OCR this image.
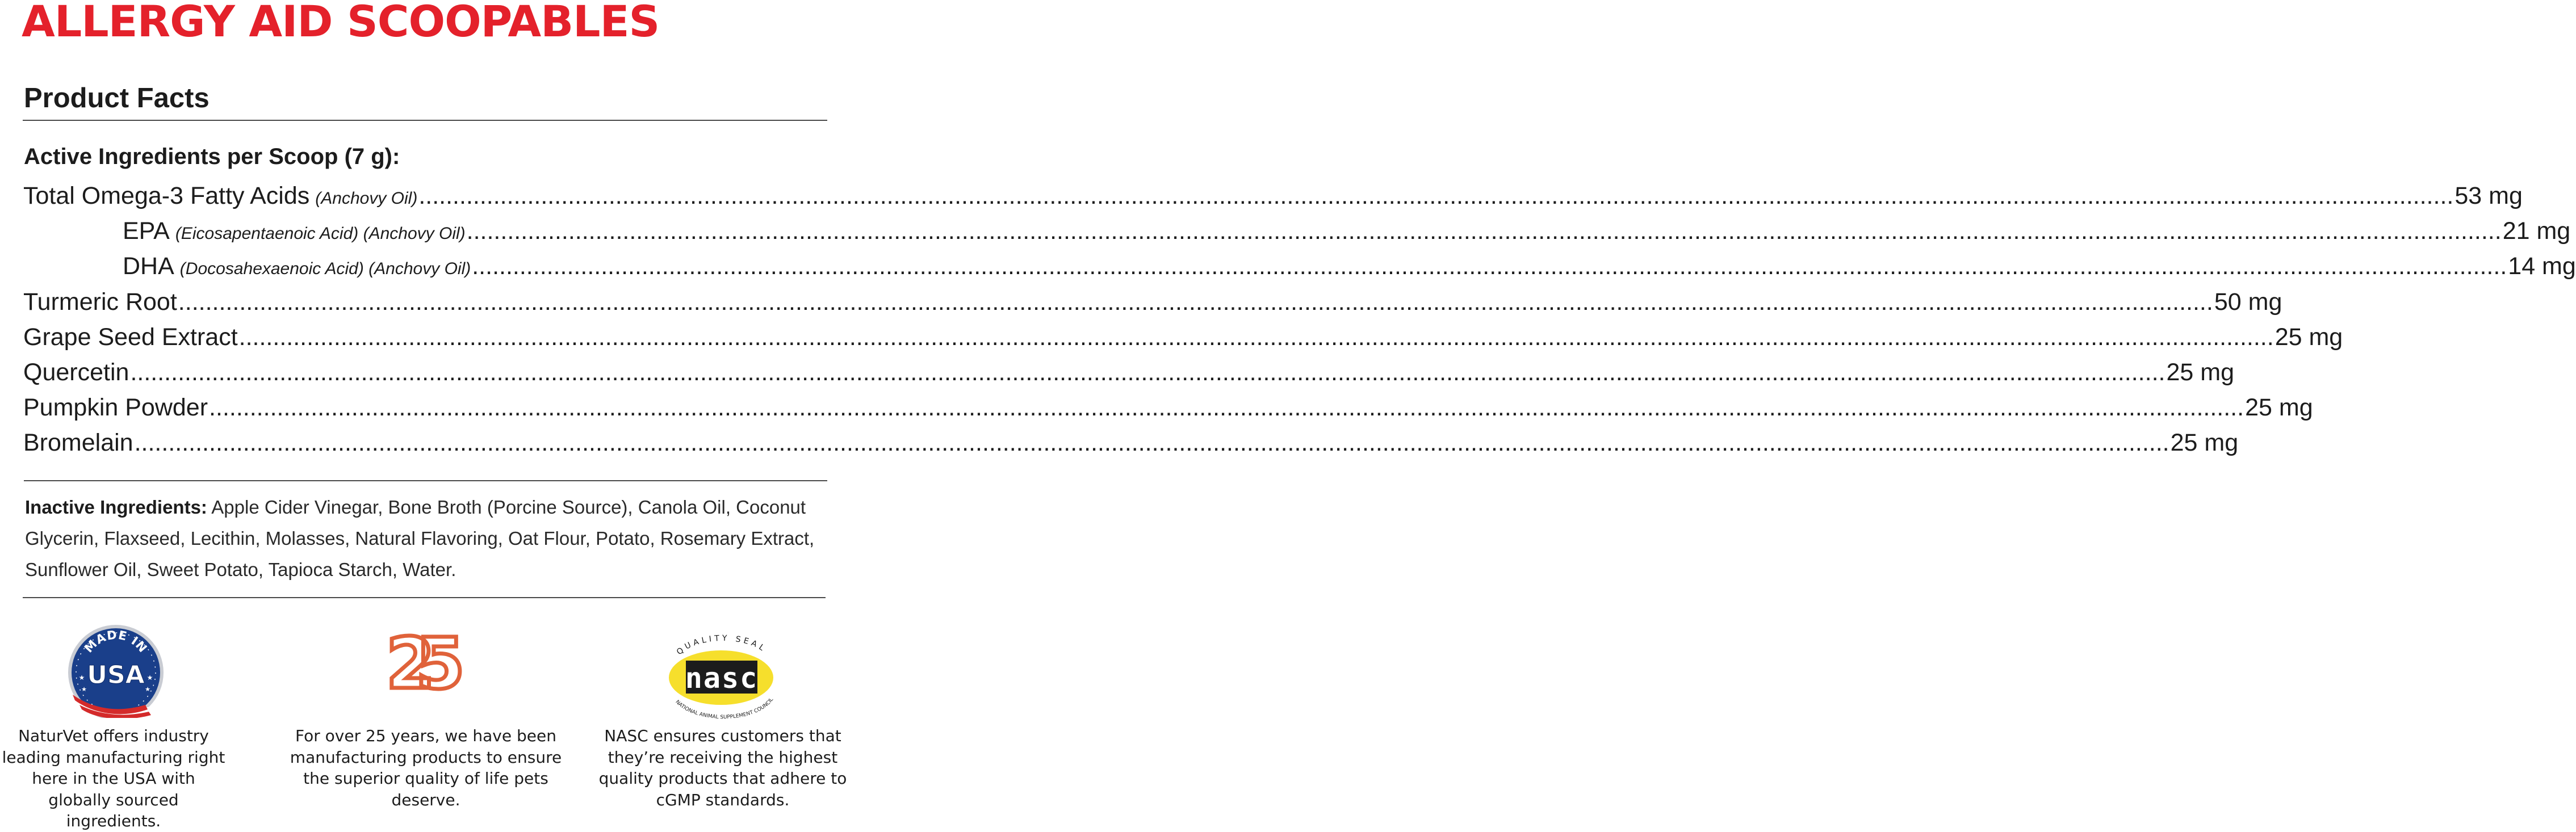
ALLERGY AID SCOOPABLES
Product Facts
Active Ingredients per Scoop (7 g):
Total Omega-3 Fatty Acids (Anchovy Oil) ............................................................................................................................................................................................................................................................................................................ 53 mg
EPA (Eicosapentaenoic Acid) (Anchovy Oil) ............................................................................................................................................................................................................................................................................................................ 21 mg
DHA (Docosahexaenoic Acid) (Anchovy Oil) ............................................................................................................................................................................................................................................................................................................ 14 mg
Turmeric Root ............................................................................................................................................................................................................................................................................................................ 50 mg
Grape Seed Extract ............................................................................................................................................................................................................................................................................................................ 25 mg
Quercetin ............................................................................................................................................................................................................................................................................................................ 25 mg
Pumpkin Powder ............................................................................................................................................................................................................................................................................................................ 25 mg
Bromelain ............................................................................................................................................................................................................................................................................................................ 25 mg

Inactive Ingredients: Apple Cider Vinegar, Bone Broth (Porcine Source), Canola Oil, Coconut Glycerin, Flaxseed, Lecithin, Molasses, Natural Flavoring, Oat Flour, Potato, Rosemary Extract, Sunflower Oil, Sweet Potato, Tapioca Starch, Water.

MADE IN
USA
★	★
★	★

NaturVet offers industry leading manufacturing right here in the USA with globally sourced ingredients.

25

For over 25 years, we have been manufacturing products to ensure the superior quality of life pets deserve.

QUALITY SEAL
nasc
NATIONAL ANIMAL SUPPLEMENT COUNCIL

NASC ensures customers that they’re receiving the highest quality products that adhere to cGMP standards.
